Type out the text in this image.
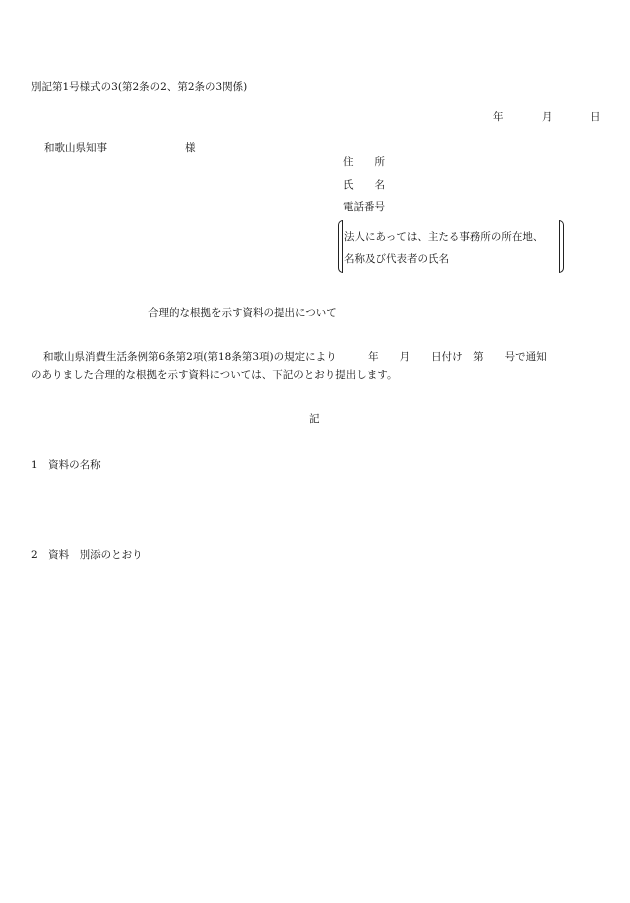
別記第1号様式の3(第2条の2、第2条の3関係)
年	月	日
和歌山県知事	様
住　　所
氏　　名
電話番号
法人にあっては、主たる事務所の所在地、
名称及び代表者の氏名
合理的な根拠を示す資料の提出について
和歌山県消費生活条例第6条第2項(第18条第3項)の規定により　　　年　　月　　日付け　第　　号で通知
のありました合理的な根拠を示す資料については、下記のとおり提出します。
記
1　資料の名称
2　資料　別添のとおり
